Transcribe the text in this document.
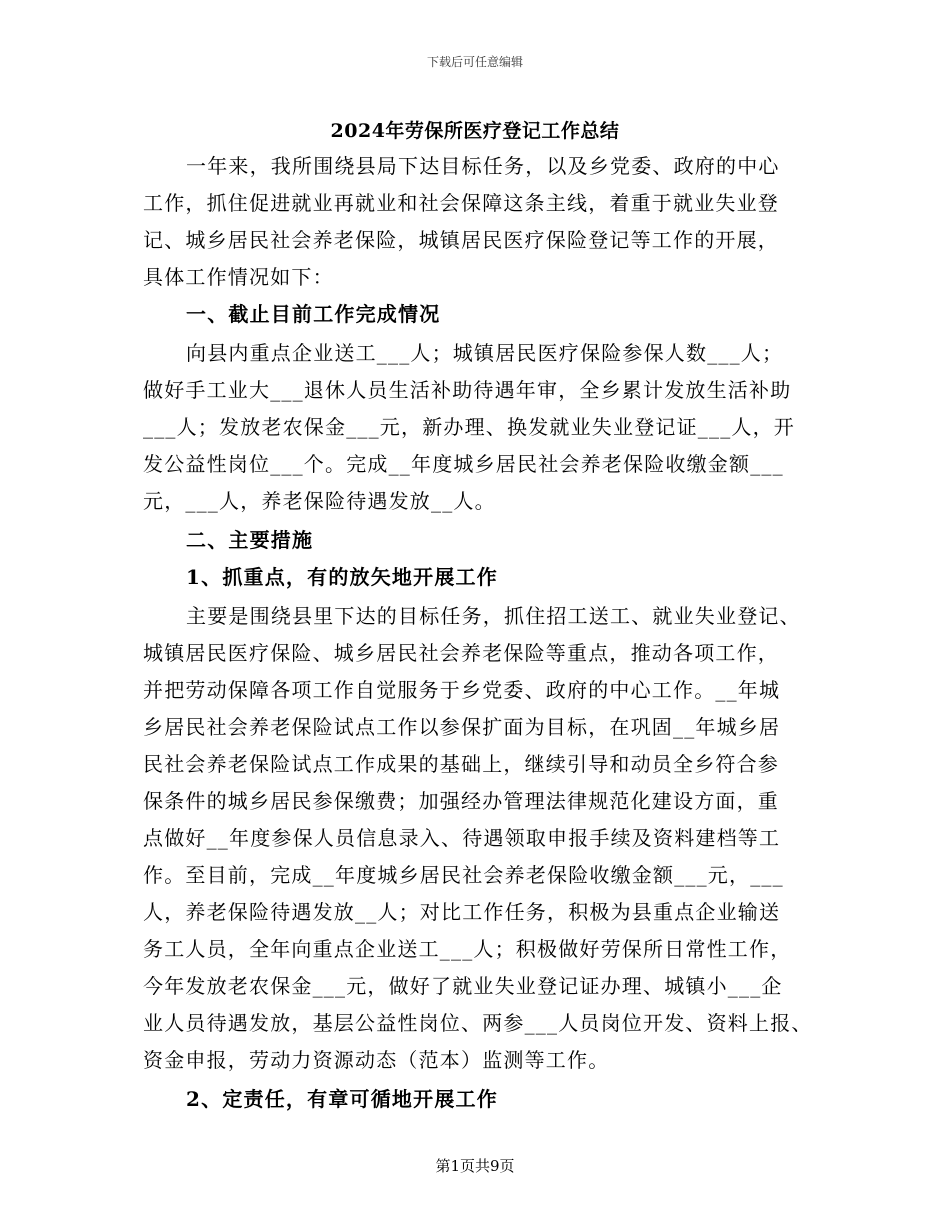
下载后可任意编辑
2024年劳保所医疗登记工作总结
一年来，我所围绕县局下达目标任务，以及乡党委、政府的中心
工作，抓住促进就业再就业和社会保障这条主线，着重于就业失业登
记、城乡居民社会养老保险，城镇居民医疗保险登记等工作的开展，
具体工作情况如下：
一、截止目前工作完成情况
向县内重点企业送工___人；城镇居民医疗保险参保人数___人；
做好手工业大___退休人员生活补助待遇年审，全乡累计发放生活补助
___人；发放老农保金___元，新办理、换发就业失业登记证___人，开
发公益性岗位___个。完成__年度城乡居民社会养老保险收缴金额___
元，___人，养老保险待遇发放__人。
二、主要措施
1、抓重点，有的放矢地开展工作
主要是围绕县里下达的目标任务，抓住招工送工、就业失业登记、
城镇居民医疗保险、城乡居民社会养老保险等重点，推动各项工作，
并把劳动保障各项工作自觉服务于乡党委、政府的中心工作。__年城
乡居民社会养老保险试点工作以参保扩面为目标，在巩固__年城乡居
民社会养老保险试点工作成果的基础上，继续引导和动员全乡符合参
保条件的城乡居民参保缴费；加强经办管理法律规范化建设方面，重
点做好__年度参保人员信息录入、待遇领取申报手续及资料建档等工
作。至目前，完成__年度城乡居民社会养老保险收缴金额___元，___
人，养老保险待遇发放__人；对比工作任务，积极为县重点企业输送
务工人员，全年向重点企业送工___人；积极做好劳保所日常性工作，
今年发放老农保金___元，做好了就业失业登记证办理、城镇小___企
业人员待遇发放，基层公益性岗位、两参___人员岗位开发、资料上报、
资金申报，劳动力资源动态（范本）监测等工作。
2、定责任，有章可循地开展工作
第1页共9页
